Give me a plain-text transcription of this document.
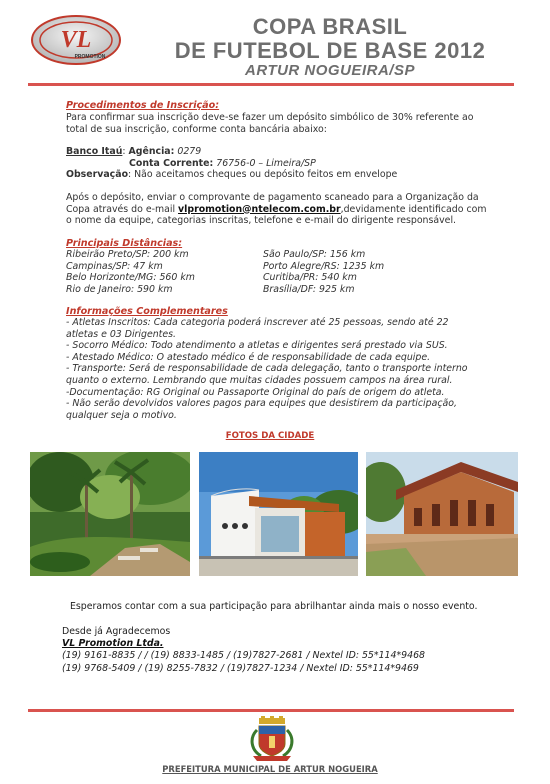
VL
PROMOTION
COPA BRASIL
DE FUTEBOL DE BASE 2012
ARTUR NOGUEIRA/SP
Procedimentos de Inscrição:
Para confirmar sua inscrição deve-se fazer um depósito simbólico de 30% referente ao
total de sua inscrição, conforme conta bancária abaixo:
Banco Itaú: Agência: 0279
Conta Corrente: 76756-0 – Limeira/SP
Observação: Não aceitamos cheques ou depósito feitos em envelope
Após o depósito, enviar o comprovante de pagamento scaneado para a Organização da
Copa através do e-mail vlpromotion@ntelecom.com.br,devidamente identificado com
o nome da equipe, categorias inscritas, telefone e e-mail do dirigente responsável.
Principais Distâncias:
Ribeirão Preto/SP: 200 km
Campinas/SP: 47 km
Belo Horizonte/MG: 560 km
Rio de Janeiro: 590 km
São Paulo/SP: 156 km
Porto Alegre/RS: 1235 km
Curitiba/PR: 540 km
Brasília/DF: 925 km
Informações Complementares
- Atletas Inscritos: Cada categoria poderá inscrever até 25 pessoas, sendo até 22
atletas e 03 Dirigentes.
- Socorro Médico: Todo atendimento a atletas e dirigentes será prestado via SUS.
- Atestado Médico: O atestado médico é de responsabilidade de cada equipe.
- Transporte: Será de responsabilidade de cada delegação, tanto o transporte interno
quanto o externo. Lembrando que muitas cidades possuem campos na área rural.
-Documentação: RG Original ou Passaporte Original do país de origem do atleta.
- Não serão devolvidos valores pagos para equipes que desistirem da participação,
qualquer seja o motivo.
FOTOS DA CIDADE
Esperamos contar com a sua participação para abrilhantar ainda mais o nosso evento.
Desde já Agradecemos
VL Promotion Ltda.
(19) 9161-8835 / / (19) 8833-1485 / (19)7827-2681 / Nextel ID: 55*114*9468
(19) 9768-5409 / (19) 8255-7832 / (19)7827-1234 / Nextel ID: 55*114*9469
PREFEITURA MUNICIPAL DE ARTUR NOGUEIRA
